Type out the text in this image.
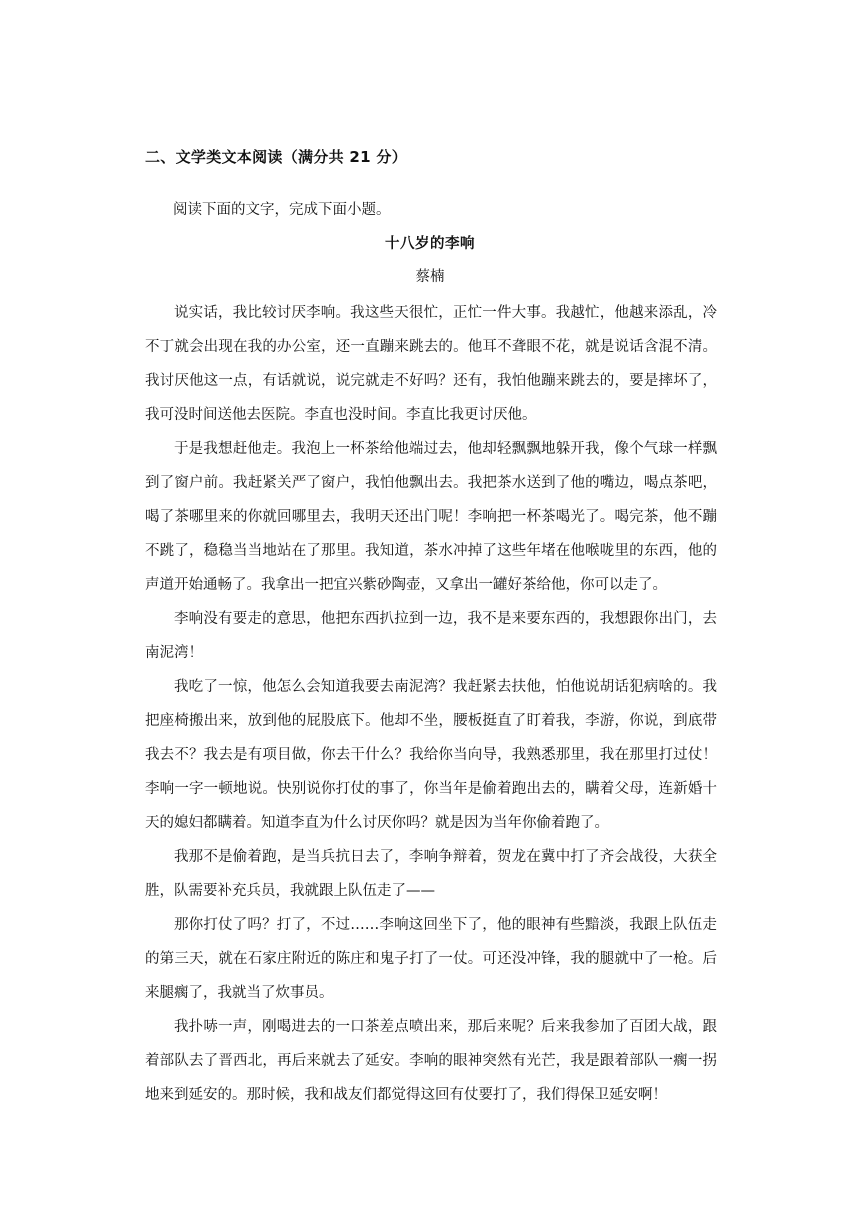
二、文学类文本阅读（满分共 21 分）
阅读下面的文字，完成下面小题。
十八岁的李响
蔡楠

说实话，我比较讨厌李响。我这些天很忙，正忙一件大事。我越忙，他越来添乱，冷不丁就会出现在我的办公室，还一直蹦来跳去的。他耳不聋眼不花，就是说话含混不清。我讨厌他这一点，有话就说，说完就走不好吗？还有，我怕他蹦来跳去的，要是摔坏了，我可没时间送他去医院。李直也没时间。李直比我更讨厌他。

于是我想赶他走。我泡上一杯茶给他端过去，他却轻飘飘地躲开我，像个气球一样飘到了窗户前。我赶紧关严了窗户，我怕他飘出去。我把茶水送到了他的嘴边，喝点茶吧，喝了茶哪里来的你就回哪里去，我明天还出门呢！李响把一杯茶喝光了。喝完茶，他不蹦不跳了，稳稳当当地站在了那里。我知道，茶水冲掉了这些年堵在他喉咙里的东西，他的声道开始通畅了。我拿出一把宜兴紫砂陶壶，又拿出一罐好茶给他，你可以走了。

李响没有要走的意思，他把东西扒拉到一边，我不是来要东西的，我想跟你出门，去南泥湾！

我吃了一惊，他怎么会知道我要去南泥湾？我赶紧去扶他，怕他说胡话犯病啥的。我把座椅搬出来，放到他的屁股底下。他却不坐，腰板挺直了盯着我，李游，你说，到底带我去不？我去是有项目做，你去干什么？我给你当向导，我熟悉那里，我在那里打过仗！李响一字一顿地说。快别说你打仗的事了，你当年是偷着跑出去的，瞒着父母，连新婚十天的媳妇都瞒着。知道李直为什么讨厌你吗？就是因为当年你偷着跑了。

我那不是偷着跑，是当兵抗日去了，李响争辩着，贺龙在冀中打了齐会战役，大获全胜，队需要补充兵员，我就跟上队伍走了——

那你打仗了吗？打了，不过……李响这回坐下了，他的眼神有些黯淡，我跟上队伍走的第三天，就在石家庄附近的陈庄和鬼子打了一仗。可还没冲锋，我的腿就中了一枪。后来腿瘸了，我就当了炊事员。

我扑哧一声，刚喝进去的一口茶差点喷出来，那后来呢？后来我参加了百团大战，跟着部队去了晋西北，再后来就去了延安。李响的眼神突然有光芒，我是跟着部队一瘸一拐地来到延安的。那时候，我和战友们都觉得这回有仗要打了，我们得保卫延安啊！
